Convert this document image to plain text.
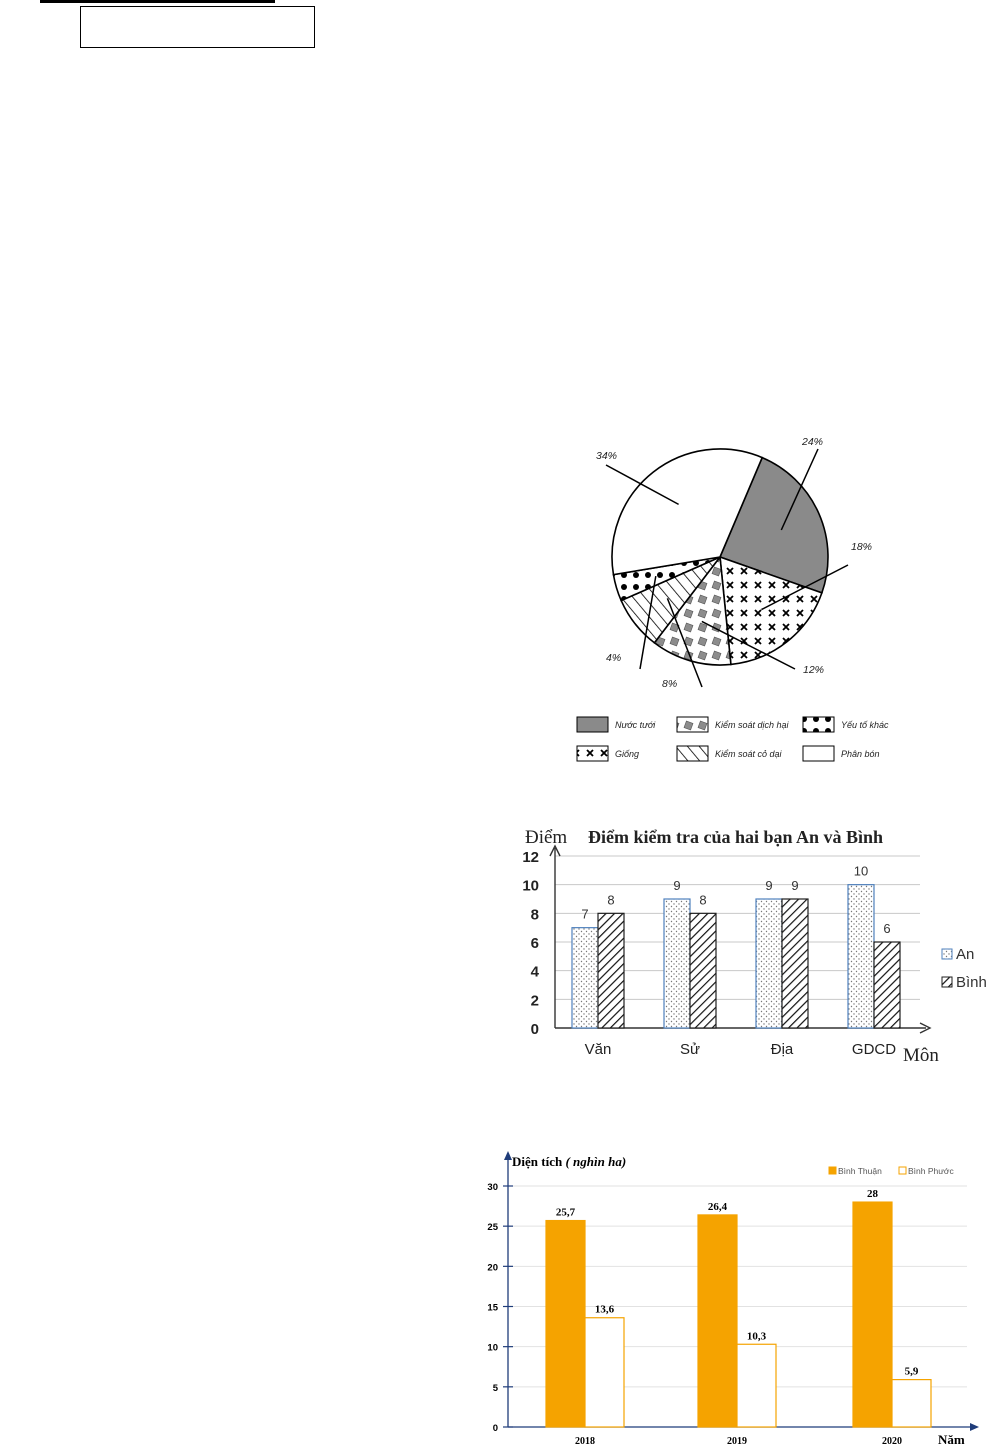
24%
18%
12%
8%
4%
34%
Nước tưới	Kiểm soát dịch hại	Yếu tố khác
Giống	Kiểm soát cỏ dại	Phân bón
Điểm Điểm kiểm tra của hai bạn An và Bình
Môn
0
2
4
6
8
10
12
7
8
Văn
9
8
Sử
9 9
Địa
10
6
GDCD
An
Bình
Diện tích ( nghìn ha)
Năm
0
5
10
15
20
25
30
25,7
13,6
2018
26,4
10,3
2019
28
5,9
2020
Bình Thuận	Bình Phước
